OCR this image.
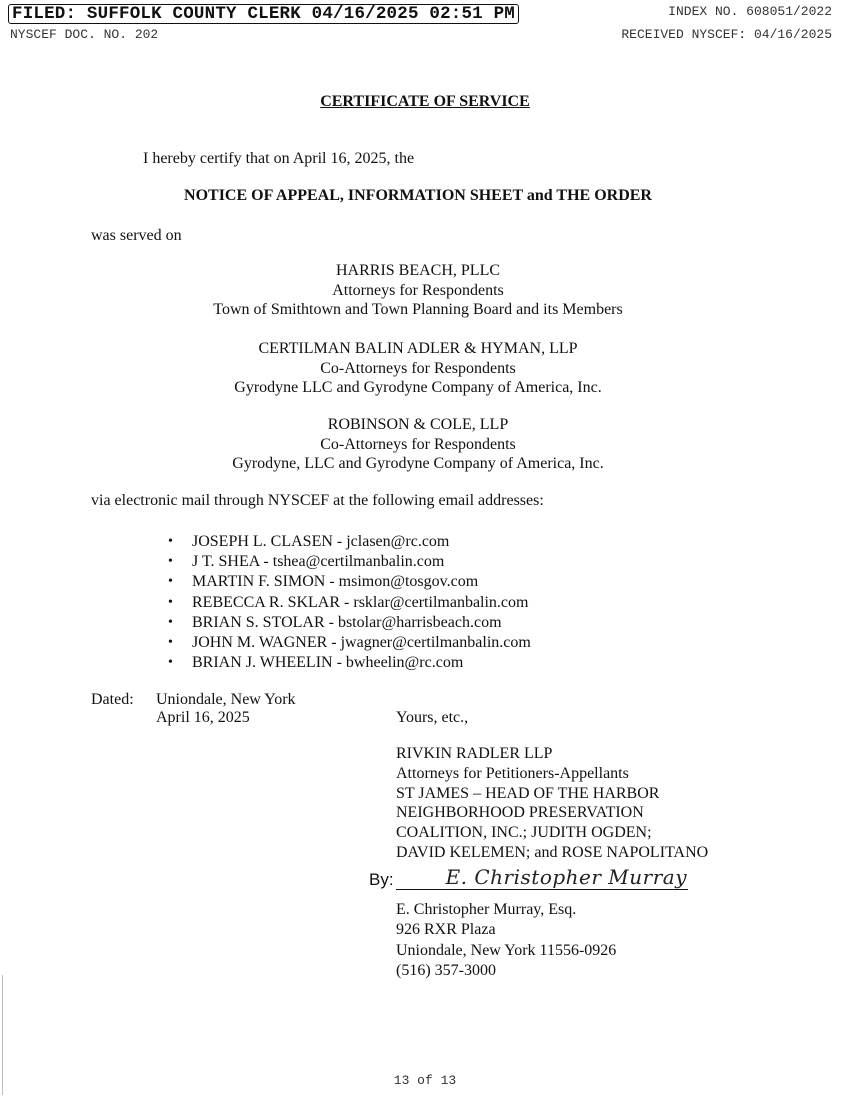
FILED: SUFFOLK COUNTY CLERK 04/16/2025 02:51 PM	INDEX NO. 608051/2022
NYSCEF DOC. NO. 202	RECEIVED NYSCEF: 04/16/2025
CERTIFICATE OF SERVICE
I hereby certify that on April 16, 2025, the
NOTICE OF APPEAL, INFORMATION SHEET and THE ORDER
was served on
HARRIS BEACH, PLLC
Attorneys for Respondents
Town of Smithtown and Town Planning Board and its Members
CERTILMAN BALIN ADLER & HYMAN, LLP
Co-Attorneys for Respondents
Gyrodyne LLC and Gyrodyne Company of America, Inc.
ROBINSON & COLE, LLP
Co-Attorneys for Respondents
Gyrodyne, LLC and Gyrodyne Company of America, Inc.
via electronic mail through NYSCEF at the following email addresses:
•	JOSEPH L. CLASEN - jclasen@rc.com
•	J T. SHEA - tshea@certilmanbalin.com
•	MARTIN F. SIMON - msimon@tosgov.com
•	REBECCA R. SKLAR - rsklar@certilmanbalin.com
•	BRIAN S. STOLAR - bstolar@harrisbeach.com
•	JOHN M. WAGNER - jwagner@certilmanbalin.com
•	BRIAN J. WHEELIN - bwheelin@rc.com
Dated: Uniondale, New York
April 16, 2025	Yours, etc.,
RIVKIN RADLER LLP
Attorneys for Petitioners-Appellants
ST JAMES – HEAD OF THE HARBOR
NEIGHBORHOOD PRESERVATION
COALITION, INC.; JUDITH OGDEN;
DAVID KELEMEN; and ROSE NAPOLITANO
By:	E. Christopher Murray
E. Christopher Murray, Esq.
926 RXR Plaza
Uniondale, New York 11556-0926
(516) 357-3000
13 of 13
